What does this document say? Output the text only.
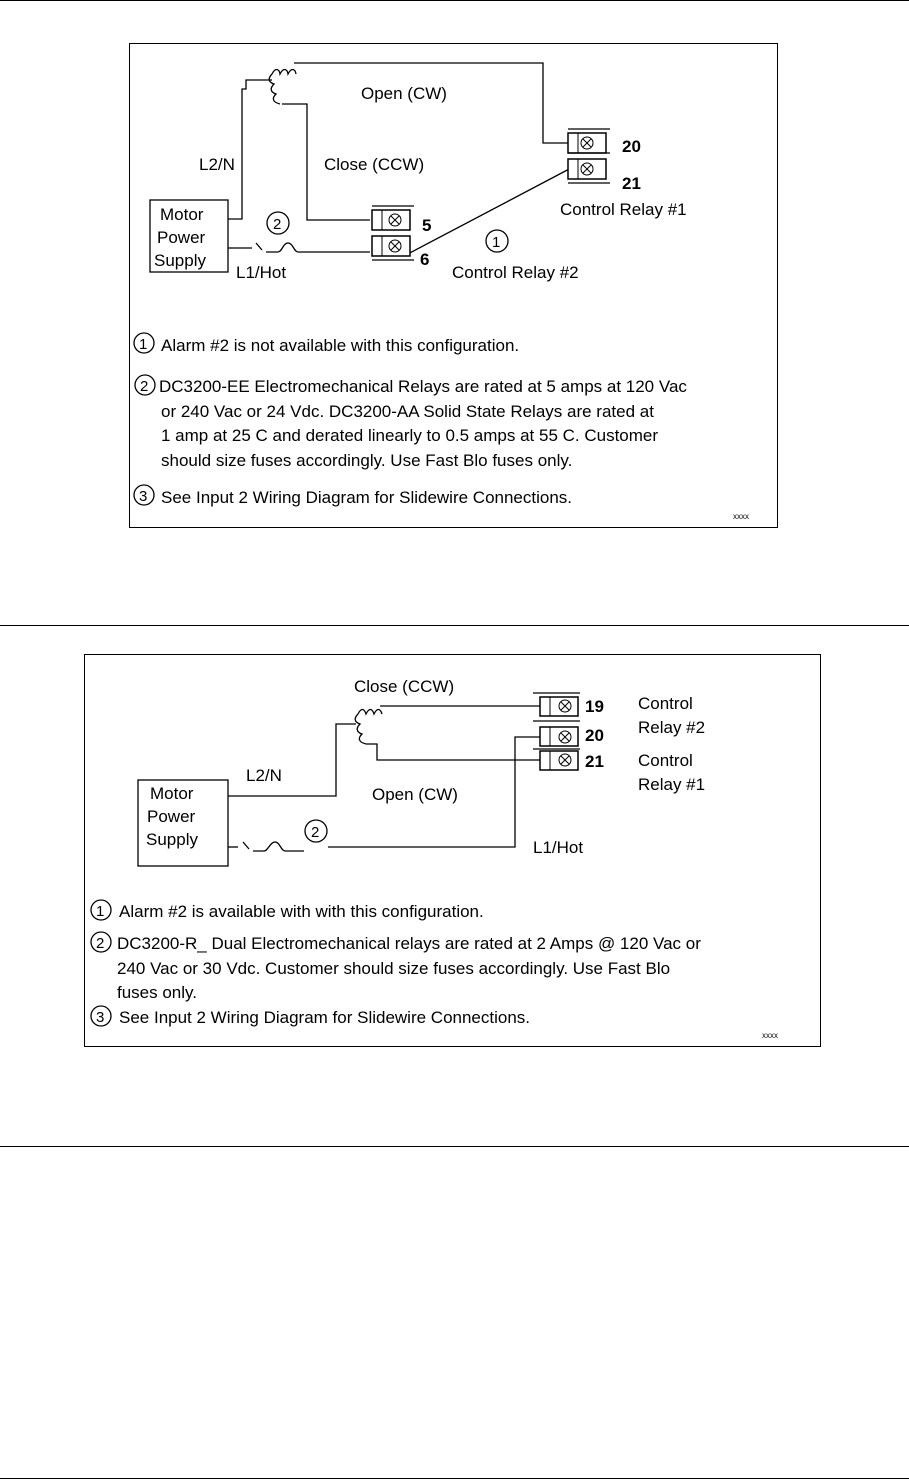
Motor
Power
Supply
20
21
5
6
Open (CW)
Close (CCW)
L2/N
L1/Hot
Control Relay #1
Control Relay #2
2
1
1 Alarm #2 is not available with this configuration.
2 DC3200-EE Electromechanical Relays are rated at 5 amps at 120 Vac
or 240 Vac or 24 Vdc. DC3200-AA Solid State Relays are rated at
1 amp at 25 C and derated linearly to 0.5 amps at 55 C. Customer
should size fuses accordingly. Use Fast Blo fuses only.
3 See Input 2 Wiring Diagram for Slidewire Connections.
xxxx
Motor
Power
Supply
19
20
21
Close (CCW)
Open (CW)
L2/N
L1/Hot
Control
Relay #2
Control
Relay #1
2
1 Alarm #2 is available with with this configuration.
2 DC3200-R_ Dual Electromechanical relays are rated at 2 Amps @ 120 Vac or
240 Vac or 30 Vdc. Customer should size fuses accordingly. Use Fast Blo
fuses only.
3 See Input 2 Wiring Diagram for Slidewire Connections.
xxxx
